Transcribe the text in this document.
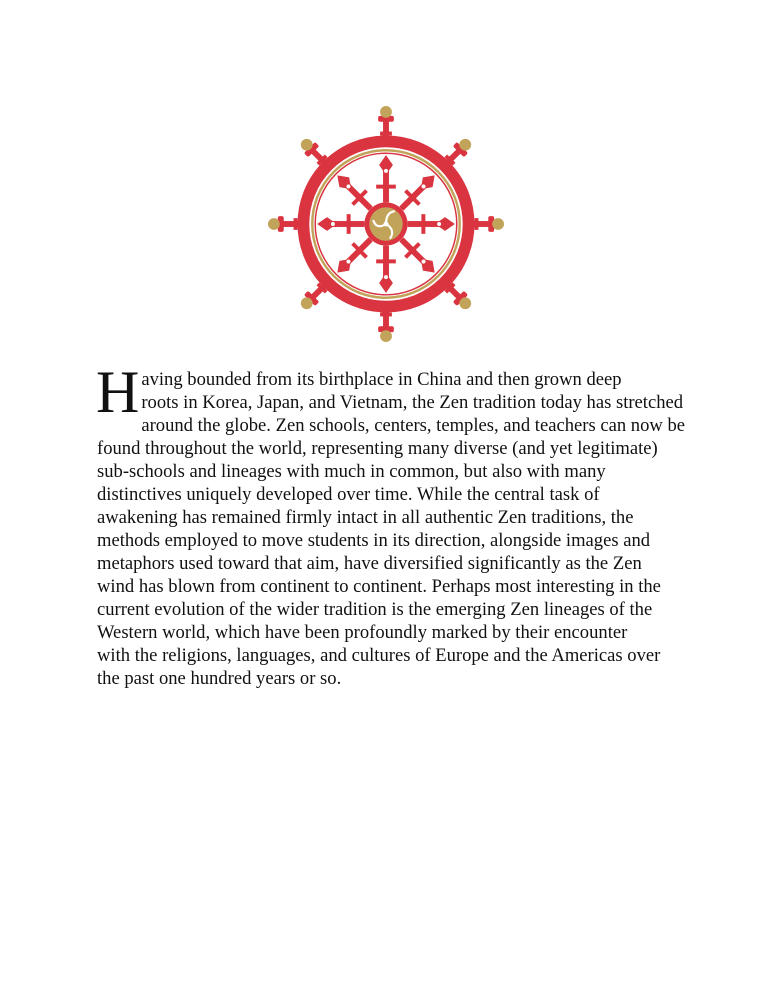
Having bounded from its birthplace in China and then grown deep
roots in Korea, Japan, and Vietnam, the Zen tradition today has stretched
around the globe. Zen schools, centers, temples, and teachers can now be
found throughout the world, representing many diverse (and yet legitimate)
sub-schools and lineages with much in common, but also with many
distinctives uniquely developed over time. While the central task of
awakening has remained firmly intact in all authentic Zen traditions, the
methods employed to move students in its direction, alongside images and
metaphors used toward that aim, have diversified significantly as the Zen
wind has blown from continent to continent. Perhaps most interesting in the
current evolution of the wider tradition is the emerging Zen lineages of the
Western world, which have been profoundly marked by their encounter
with the religions, languages, and cultures of Europe and the Americas over
the past one hundred years or so.
